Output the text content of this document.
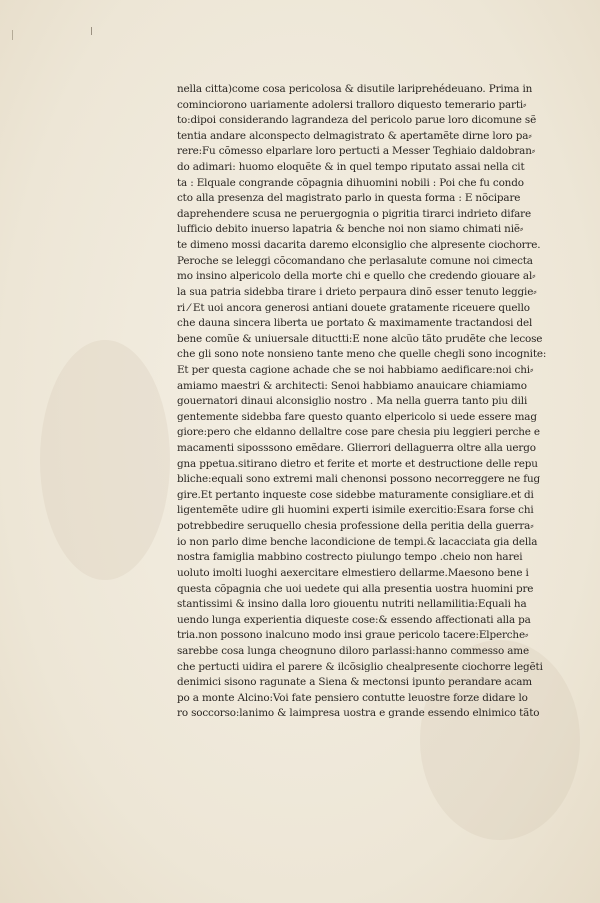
nella citta)come cosa pericolosa & disutile lariprehédeuano. Prima in
cominciorono uariamente adolersi tralloro diquesto temerario parti⸗
to:dipoi considerando lagrandeza del pericolo parue loro dicomune sẽ
tentia andare alconspecto delmagistrato & apertamẽte dirne loro pa⸗
rere:Fu cõmesso elparlare loro pertucti a Messer Teghiaio daldobran⸗
do adimari: huomo eloquẽte & in quel tempo riputato assai nella cit
ta : Elquale congrande cõpagnia dihuomini nobili : Poi che fu condo
cto alla presenza del magistrato parlo in questa forma : E nõcipare
daprehendere scusa ne peruergognia o pigritia tirarci indrieto difare
lufficio debito inuerso lapatria & benche noi non siamo chimati niẽ⸗
te dimeno mossi dacarita daremo elconsiglio che alpresente ciochorre.
Peroche se leleggi cõcomandano che perlasalute comune noi cimecta
mo insino alpericolo della morte chi e quello che credendo giouare al⸗
la sua patria sidebba tirare i drieto perpaura dinõ esser tenuto leggie⸗
ri ⁄ Et uoi ancora generosi antiani douete gratamente riceuere quello
che dauna sincera liberta ue portato & maximamente tractandosi del
bene comũe & uniuersale dituctti:E none alcũo tãto prudẽte che lecose
che gli sono note nonsieno tante meno che quelle chegli sono incognite:
Et per questa cagione achade che se noi habbiamo aedificare:noi chi⸗
amiamo maestri & architecti: Senoi habbiamo anauicare chiamiamo
gouernatori dinaui alconsiglio nostro . Ma nella guerra tanto piu dili
gentemente sidebba fare questo quanto elpericolo si uede essere mag
giore:pero che eldanno dellaltre cose pare chesia piu leggieri perche e
macamenti siposssono emẽdare. Glierrori dellaguerra oltre alla uergo
gna ppetua.sitirano dietro et ferite et morte et destructione delle repu
bliche:equali sono extremi mali chenonsi possono necorreggere ne fug
gire.Et pertanto inqueste cose sidebbe maturamente consigliare.et di
ligentemẽte udire gli huomini experti isimile exercitio:Esara forse chi
potrebbedire seruquello chesia professione della peritia della guerra⸗
io non parlo dime benche lacondicione de tempi.& lacacciata gia della
nostra famiglia mabbino costrecto piulungo tempo .cheio non harei
uoluto imolti luoghi aexercitare elmestiero dellarme.Maesono bene i
questa cõpagnia che uoi uedete qui alla presentia uostra huomini pre
stantissimi & insino dalla loro giouentu nutriti nellamilitia:Equali ha
uendo lunga experientia diqueste cose:& essendo affectionati alla pa
tria.non possono inalcuno modo insi graue pericolo tacere:Elperche⸗
sarebbe cosa lunga cheognuno diloro parlassi:hanno commesso ame
che pertucti uidira el parere & ilcõsiglio chealpresente ciochorre legẽti
denimici sisono ragunate a Siena & mectonsi ipunto perandare acam
po a monte Alcino:Voi fate pensiero contutte leuostre forze didare lo
ro soccorso:lanimo & laimpresa uostra e grande essendo elnimico tãto
